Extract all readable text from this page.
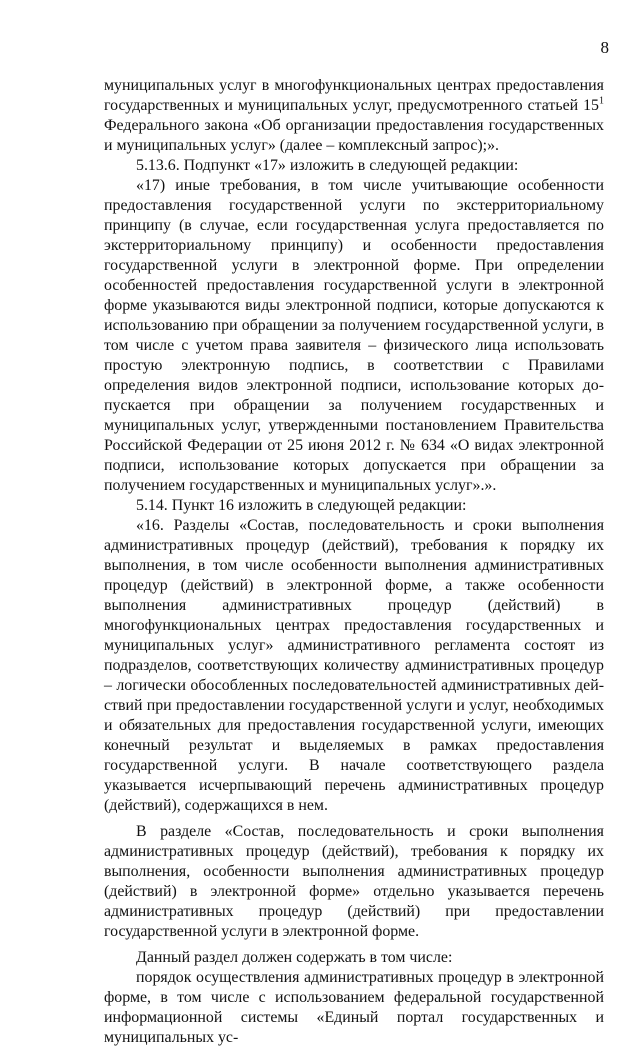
8

муниципальных услуг в многофункциональных центрах предоставления государственных и муниципальных услуг, предусмотренного статьей $15^1$ Федерального закона «Об организации предоставления государственных и муниципальных услуг» (далее – комплексный запрос);».

5.13.6. Подпункт «17» изложить в следующей редакции:

«17) иные требования, в том числе учитывающие особенности предоставления государственной услуги по экстерриториальному принципу (в случае, если государственная услуга предоставляется по экстерриториальному принципу) и особенности предоставления государственной услуги в электронной форме. При определении особенностей предоставления государственной услуги в электронной форме указываются виды электронной подписи, которые допускаются к использованию при обращении за получением государственной услуги, в том числе с учетом права заявителя – физического лица использовать простую электронную подпись, в соответствии с Правилами определения видов электронной подписи, использование которых допускается при обращении за получением государственных и муниципальных услуг, утвержденными постановлением Правительства Российской Федерации от 25 июня 2012 г. № 634 «О видах электронной подписи, использование которых допускается при обращении за получением государственных и муниципальных услуг».».

5.14. Пункт 16 изложить в следующей редакции:

«16. Разделы «Состав, последовательность и сроки выполнения административных процедур (действий), требования к порядку их выполнения, в том числе особенности выполнения административных процедур (действий) в электронной форме, а также особенности выполнения административных процедур (действий) в многофункциональных центрах предоставления государственных и муниципальных услуг» административного регламента состоят из подразделов, соответствующих количеству административных процедур – логически обособленных последовательностей административных действий при предоставлении государственной услуги и услуг, необходимых и обязательных для предоставления государственной услуги, имеющих конечный результат и выделяемых в рамках предоставления государственной услуги. В начале соответствующего раздела указывается исчерпывающий перечень административных процедур (действий), содержащихся в нем.

В разделе «Состав, последовательность и сроки выполнения административных процедур (действий), требования к порядку их выполнения, особенности выполнения административных процедур (действий) в электронной форме» отдельно указывается перечень административных процедур (действий) при предоставлении государственной услуги в электронной форме.

Данный раздел должен содержать в том числе:

порядок осуществления административных процедур в электронной форме, в том числе с использованием федеральной государственной информационной системы «Единый портал государственных и муниципальных ус-
